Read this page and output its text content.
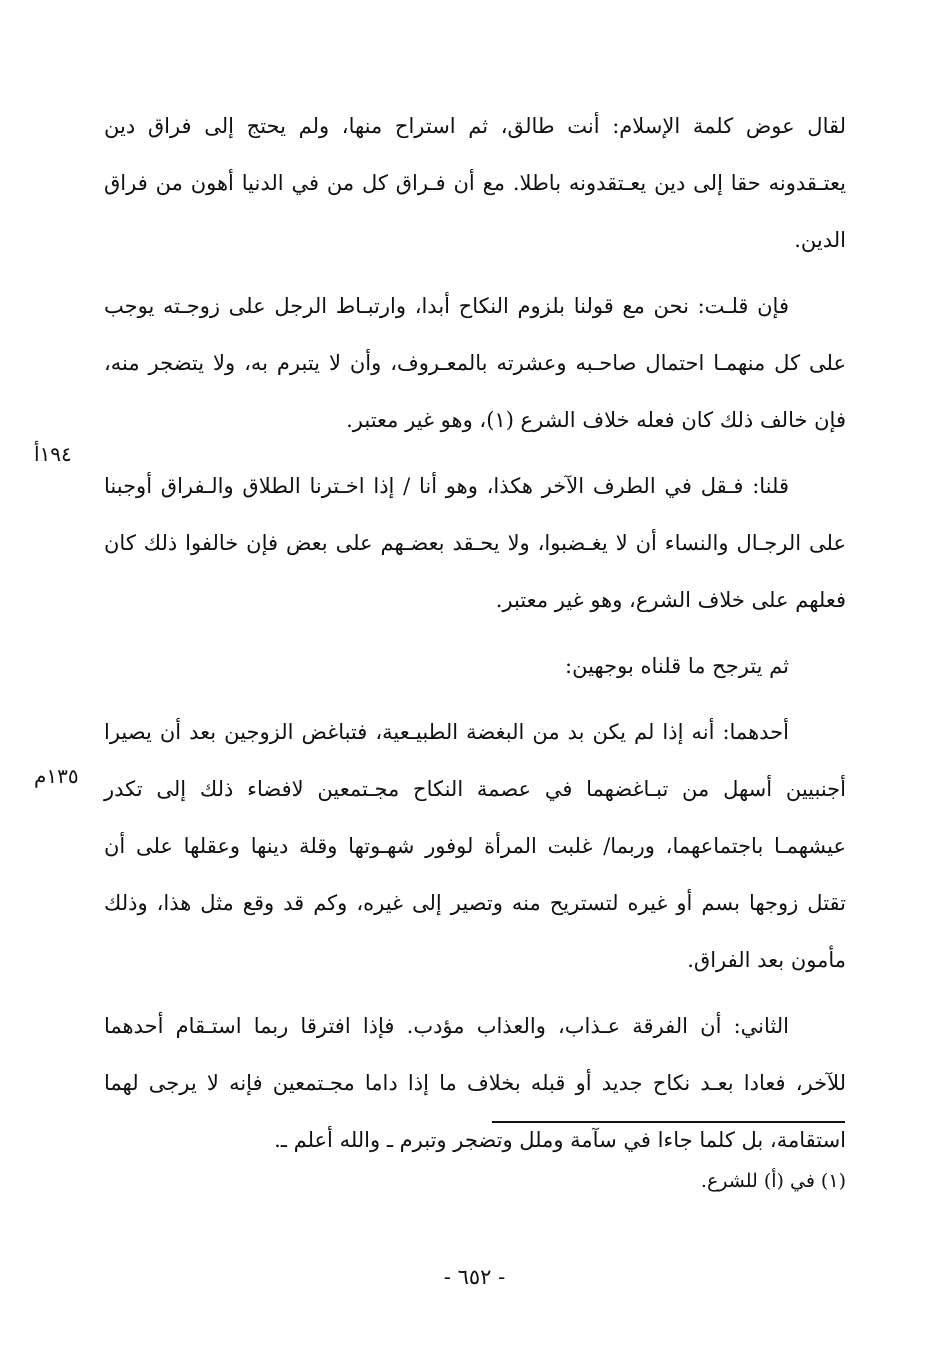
لقال عوض كلمة الإسلام: أنت طالق، ثم استراح منها، ولم يحتج إلى فراق دين يعتـقدونه حقا إلى دين يعـتقدونه باطلا. مع أن فـراق كل من في الدنيا أهون من فراق الدين.

فإن قلـت: نحن مع قولنا بلزوم النكاح أبدا، وارتبـاط الرجل على زوجـته يوجب على كل منهمـا احتمال صاحـبه وعشرته بالمعـروف، وأن لا يتبرم به، ولا يتضجر منه، فإن خالف ذلك كان فعله خلاف الشرع (١)، وهو غير معتبر.

قلنا: فـقل في الطرف الآخر هكذا، وهو أنا / إذا اخـترنا الطلاق والـفراق أوجبنا على الرجـال والنساء أن لا يغـضبوا، ولا يحـقد بعضـهم على بعض فإن خالفوا ذلك كان فعلهم على خلاف الشرع، وهو غير معتبر.

ثم يترجح ما قلناه بوجهين:

أحدهما: أنه إذا لم يكن بد من البغضة الطبيـعية، فتباغض الزوجين بعد أن يصيرا أجنبيين أسهل من تبـاغضهما في عصمة النكاح مجـتمعين لافضاء ذلك إلى تكدر عيشهمـا باجتماعهما، وربما/ غلبت المرأة لوفور شهـوتها وقلة دينها وعقلها على أن تقتل زوجها بسم أو غيره لتستريح منه وتصير إلى غيره، وكم قد وقع مثل هذا، وذلك مأمون بعد الفراق.

الثاني: أن الفرقة عـذاب، والعذاب مؤدب. فإذا افترقا ربما استـقام أحدهما للآخر، فعادا بعـد نكاح جديد أو قبله بخلاف ما إذا داما مجـتمعين فإنه لا يرجى لهما استقامة، بل كلما جاءا في سآمة وملل وتضجر وتبرم ـ والله أعلم ـ.

١٩٤أ
١٣٥م
(١) في (أ) للشرع.
- ٦٥٢ -
